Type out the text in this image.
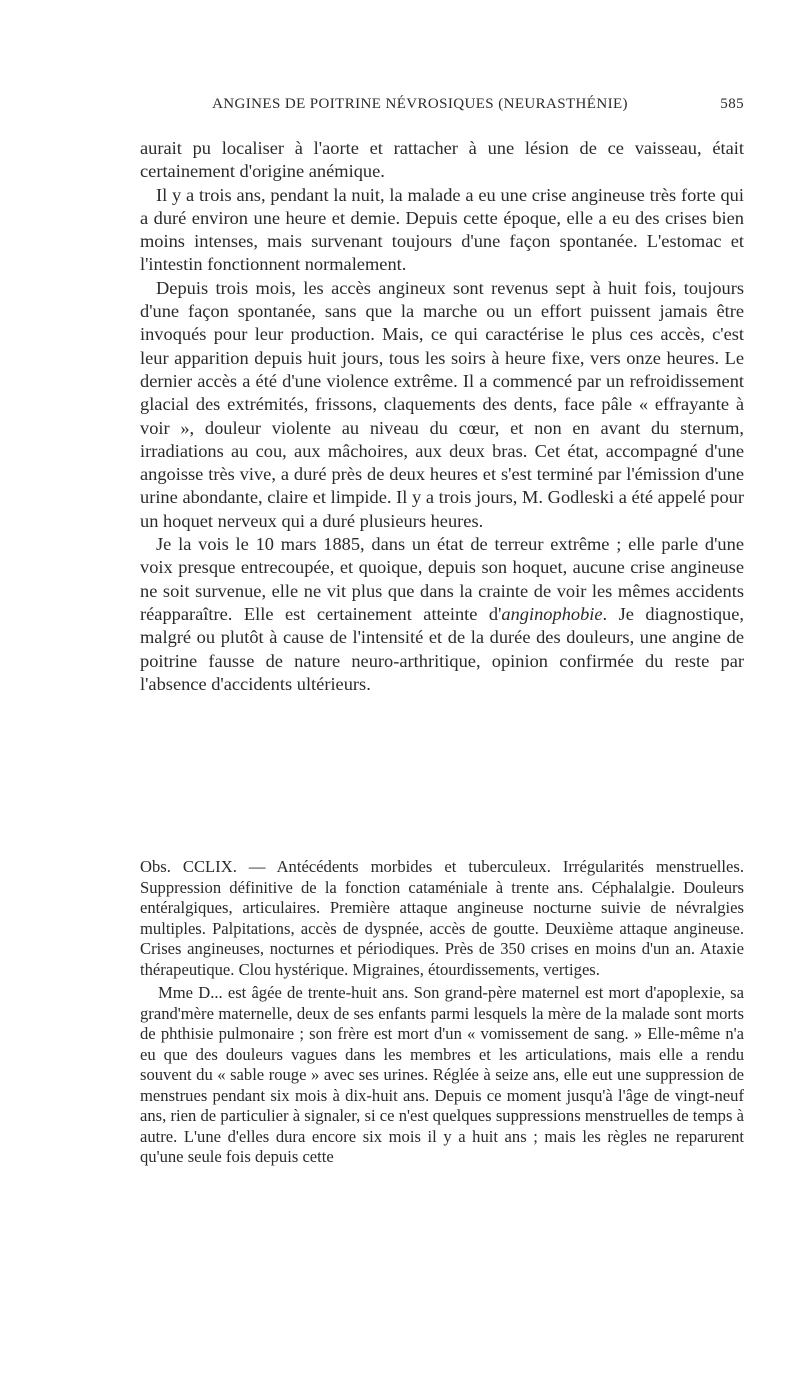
ANGINES DE POITRINE NÉVROSIQUES (NEURASTHÉNIE)	585

aurait pu localiser à l'aorte et rattacher à une lésion de ce vaisseau, était certainement d'origine anémique.

Il y a trois ans, pendant la nuit, la malade a eu une crise angineuse très forte qui a duré environ une heure et demie. Depuis cette époque, elle a eu des crises bien moins intenses, mais survenant toujours d'une façon spontanée. L'estomac et l'intestin fonctionnent normalement.

Depuis trois mois, les accès angineux sont revenus sept à huit fois, toujours d'une façon spontanée, sans que la marche ou un effort puissent jamais être invoqués pour leur production. Mais, ce qui caractérise le plus ces accès, c'est leur apparition depuis huit jours, tous les soirs à heure fixe, vers onze heures. Le dernier accès a été d'une violence extrême. Il a commencé par un refroidissement glacial des extrémités, frissons, claquements des dents, face pâle « effrayante à voir », douleur violente au niveau du cœur, et non en avant du sternum, irradiations au cou, aux mâchoires, aux deux bras. Cet état, accompagné d'une angoisse très vive, a duré près de deux heures et s'est terminé par l'émission d'une urine abondante, claire et limpide. Il y a trois jours, M. Godleski a été appelé pour un hoquet nerveux qui a duré plusieurs heures.

Je la vois le 10 mars 1885, dans un état de terreur extrême ; elle parle d'une voix presque entrecoupée, et quoique, depuis son hoquet, aucune crise angineuse ne soit survenue, elle ne vit plus que dans la crainte de voir les mêmes accidents réapparaître. Elle est certainement atteinte d'anginophobie. Je diagnostique, malgré ou plutôt à cause de l'intensité et de la durée des douleurs, une angine de poitrine fausse de nature neuro-arthritique, opinion confirmée du reste par l'absence d'accidents ultérieurs.

Obs. CCLIX. — Antécédents morbides et tuberculeux. Irrégularités menstruelles. Suppression définitive de la fonction cataméniale à trente ans. Céphalalgie. Douleurs entéralgiques, articulaires. Première attaque angineuse nocturne suivie de névralgies multiples. Palpitations, accès de dyspnée, accès de goutte. Deuxième attaque angineuse. Crises angineuses, nocturnes et périodiques. Près de 350 crises en moins d'un an. Ataxie thérapeutique. Clou hystérique. Migraines, étourdissements, vertiges.

Mme D... est âgée de trente-huit ans. Son grand-père maternel est mort d'apoplexie, sa grand'mère maternelle, deux de ses enfants parmi lesquels la mère de la malade sont morts de phthisie pulmonaire ; son frère est mort d'un « vomissement de sang. » Elle-même n'a eu que des douleurs vagues dans les membres et les articulations, mais elle a rendu souvent du « sable rouge » avec ses urines. Réglée à seize ans, elle eut une suppression de menstrues pendant six mois à dix-huit ans. Depuis ce moment jusqu'à l'âge de vingt-neuf ans, rien de particulier à signaler, si ce n'est quelques suppressions menstruelles de temps à autre. L'une d'elles dura encore six mois il y a huit ans ; mais les règles ne reparurent qu'une seule fois depuis cette
